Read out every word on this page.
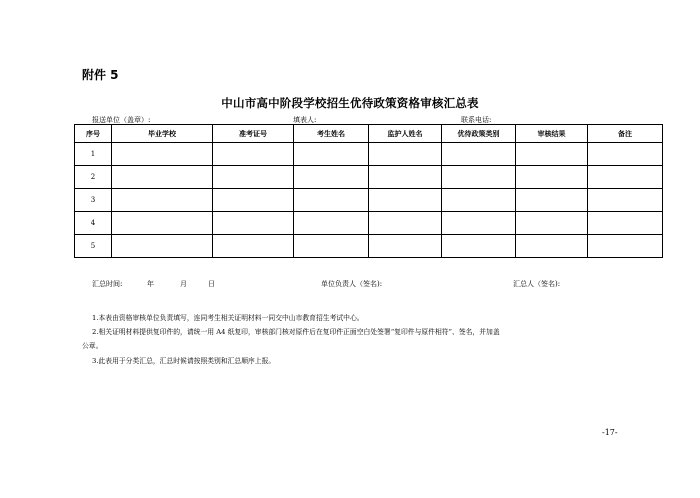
附件 5
中山市高中阶段学校招生优待政策资格审核汇总表
报送单位（盖章）:	填表人:	联系电话:
序号	毕业学校	准考证号	考生姓名	监护人姓名	优待政策类别	审核结果	备注
1							
2							
3							
4							
5							
汇总时间:	年	月	日	单位负责人（签名):	汇总人（签名):
1.本表由资格审核单位负责填写，连同考生相关证明材料一同交中山市教育招生考试中心。
2.相关证明材料提供复印件的，请统一用 A4 纸复印，审核部门核对原件后在复印件正面空白处签署“复印件与原件相符”、签名，并加盖
公章。
3.此表用于分类汇总，汇总时候请按照类别和汇总顺序上报。
-17-
